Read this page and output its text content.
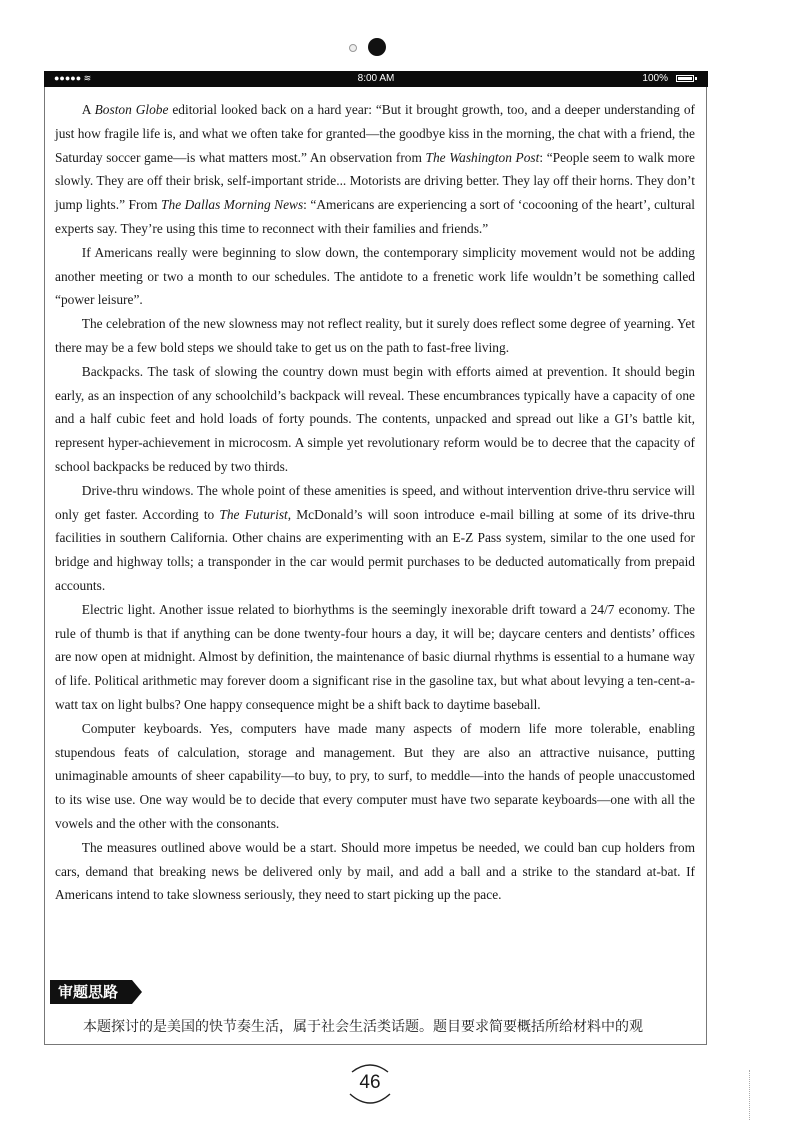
●●●●● ≋	8:00 AM	100%

A Boston Globe editorial looked back on a hard year: “But it brought growth, too, and a deeper understanding of just how fragile life is, and what we often take for granted—the goodbye kiss in the morning, the chat with a friend, the Saturday soccer game—is what matters most.” An observation from The Washington Post: “People seem to walk more slowly. They are off their brisk, self-important stride... Motorists are driving better. They lay off their horns. They don’t jump lights.” From The Dallas Morning News: “Americans are experiencing a sort of ‘cocooning of the heart’, cultural experts say. They’re using this time to reconnect with their families and friends.”

If Americans really were beginning to slow down, the contemporary simplicity movement would not be adding another meeting or two a month to our schedules. The antidote to a frenetic work life wouldn’t be something called “power leisure”.

The celebration of the new slowness may not reflect reality, but it surely does reflect some degree of yearning. Yet there may be a few bold steps we should take to get us on the path to fast-free living.

Backpacks. The task of slowing the country down must begin with efforts aimed at prevention. It should begin early, as an inspection of any schoolchild’s backpack will reveal. These encumbrances typically have a capacity of one and a half cubic feet and hold loads of forty pounds. The contents, unpacked and spread out like a GI’s battle kit, represent hyper-achievement in microcosm. A simple yet revolutionary reform would be to decree that the capacity of school backpacks be reduced by two thirds.

Drive-thru windows. The whole point of these amenities is speed, and without intervention drive-thru service will only get faster. According to The Futurist, McDonald’s will soon introduce e-mail billing at some of its drive-thru facilities in southern California. Other chains are experimenting with an E-Z Pass system, similar to the one used for bridge and highway tolls; a transponder in the car would permit purchases to be deducted automatically from prepaid accounts.

Electric light. Another issue related to biorhythms is the seemingly inexorable drift toward a 24/7 economy. The rule of thumb is that if anything can be done twenty-four hours a day, it will be; daycare centers and dentists’ offices are now open at midnight. Almost by definition, the maintenance of basic diurnal rhythms is essential to a humane way of life. Political arithmetic may forever doom a significant rise in the gasoline tax, but what about levying a ten-cent-a-watt tax on light bulbs? One happy consequence might be a shift back to daytime baseball.

Computer keyboards. Yes, computers have made many aspects of modern life more tolerable, enabling stupendous feats of calculation, storage and management. But they are also an attractive nuisance, putting unimaginable amounts of sheer capability—to buy, to pry, to surf, to meddle—into the hands of people unaccustomed to its wise use. One way would be to decide that every computer must have two separate keyboards—one with all the vowels and the other with the consonants.

The measures outlined above would be a start. Should more impetus be needed, we could ban cup holders from cars, demand that breaking news be delivered only by mail, and add a ball and a strike to the standard at-bat. If Americans intend to take slowness seriously, they need to start picking up the pace.

审题思路
本题探讨的是美国的快节奏生活，属于社会生活类话题。题目要求简要概括所给材料中的观
46
